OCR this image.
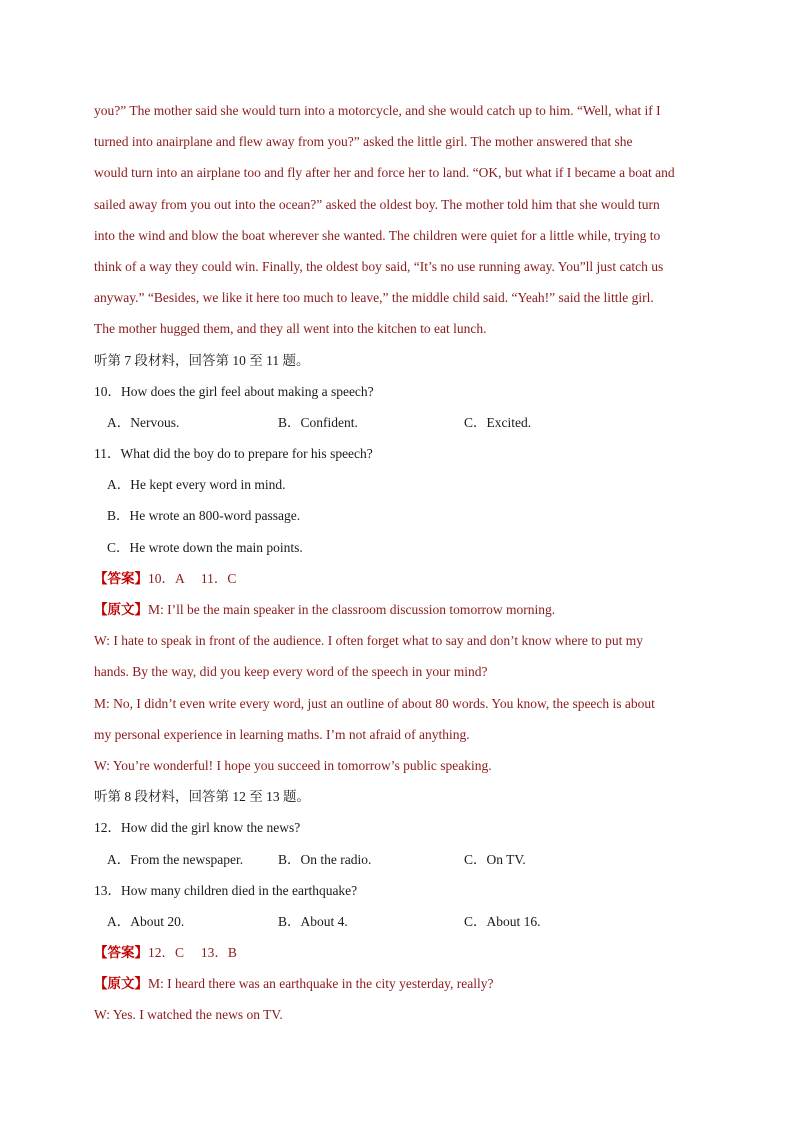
you?” The mother said she would turn into a motorcycle, and she would catch up to him. “Well, what if I
turned into anairplane and flew away from you?” asked the little girl. The mother answered that she
would turn into an airplane too and fly after her and force her to land. “OK, but what if I became a boat and
sailed away from you out into the ocean?” asked the oldest boy. The mother told him that she would turn
into the wind and blow the boat wherever she wanted. The children were quiet for a little while, trying to
think of a way they could win. Finally, the oldest boy said, “It’s no use running away. You”ll just catch us
anyway.” “Besides, we like it here too much to leave,” the middle child said. “Yeah!” said the little girl.
The mother hugged them, and they all went into the kitchen to eat lunch.
听第 7 段材料，回答第 10 至 11 题。
10．How does the girl feel about making a speech?
A．Nervous.	B．Confident.	C．Excited.
11．What did the boy do to prepare for his speech?
A．He kept every word in mind.
B．He wrote an 800-word passage.
C．He wrote down the main points.
【答案】10．A     11．C
【原文】M: I’ll be the main speaker in the classroom discussion tomorrow morning.
W: I hate to speak in front of the audience. I often forget what to say and don’t know where to put my
hands. By the way, did you keep every word of the speech in your mind?
M: No, I didn’t even write every word, just an outline of about 80 words. You know, the speech is about
my personal experience in learning maths. I’m not afraid of anything.
W: You’re wonderful! I hope you succeed in tomorrow’s public speaking.
听第 8 段材料，回答第 12 至 13 题。
12．How did the girl know the news?
A．From the newspaper.	B．On the radio.	C．On TV.
13．How many children died in the earthquake?
A．About 20.	B．About 4.	C．About 16.
【答案】12．C     13．B
【原文】M: I heard there was an earthquake in the city yesterday, really?
W: Yes. I watched the news on TV.
